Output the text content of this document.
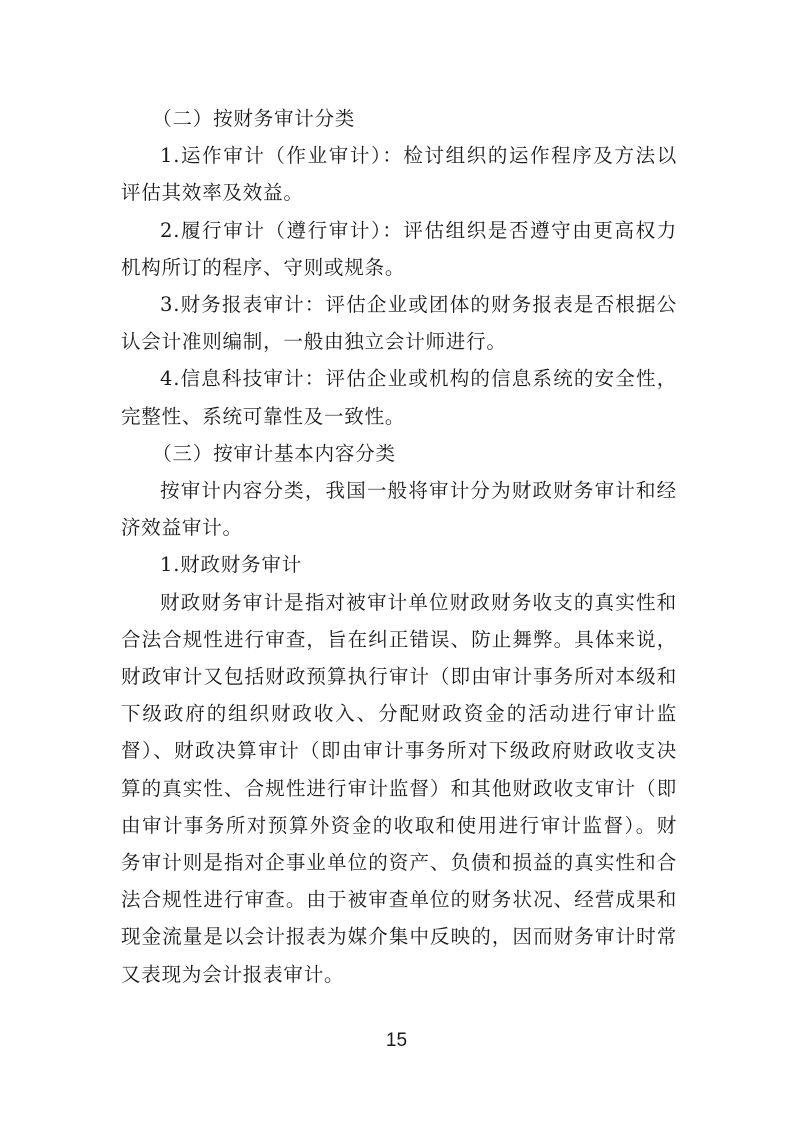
（二）按财务审计分类

1.运作审计（作业审计）：检讨组织的运作程序及方法以评估其效率及效益。

2.履行审计（遵行审计）：评估组织是否遵守由更高权力机构所订的程序、守则或规条。

3.财务报表审计：评估企业或团体的财务报表是否根据公认会计准则编制，一般由独立会计师进行。

4.信息科技审计：评估企业或机构的信息系统的安全性，完整性、系统可靠性及一致性。

（三）按审计基本内容分类

按审计内容分类，我国一般将审计分为财政财务审计和经济效益审计。

1.财政财务审计

财政财务审计是指对被审计单位财政财务收支的真实性和合法合规性进行审查，旨在纠正错误、防止舞弊。具体来说，财政审计又包括财政预算执行审计（即由审计事务所对本级和下级政府的组织财政收入、分配财政资金的活动进行审计监督）、财政决算审计（即由审计事务所对下级政府财政收支决算的真实性、合规性进行审计监督）和其他财政收支审计（即由审计事务所对预算外资金的收取和使用进行审计监督）。财务审计则是指对企事业单位的资产、负债和损益的真实性和合法合规性进行审查。由于被审查单位的财务状况、经营成果和现金流量是以会计报表为媒介集中反映的，因而财务审计时常又表现为会计报表审计。

15
